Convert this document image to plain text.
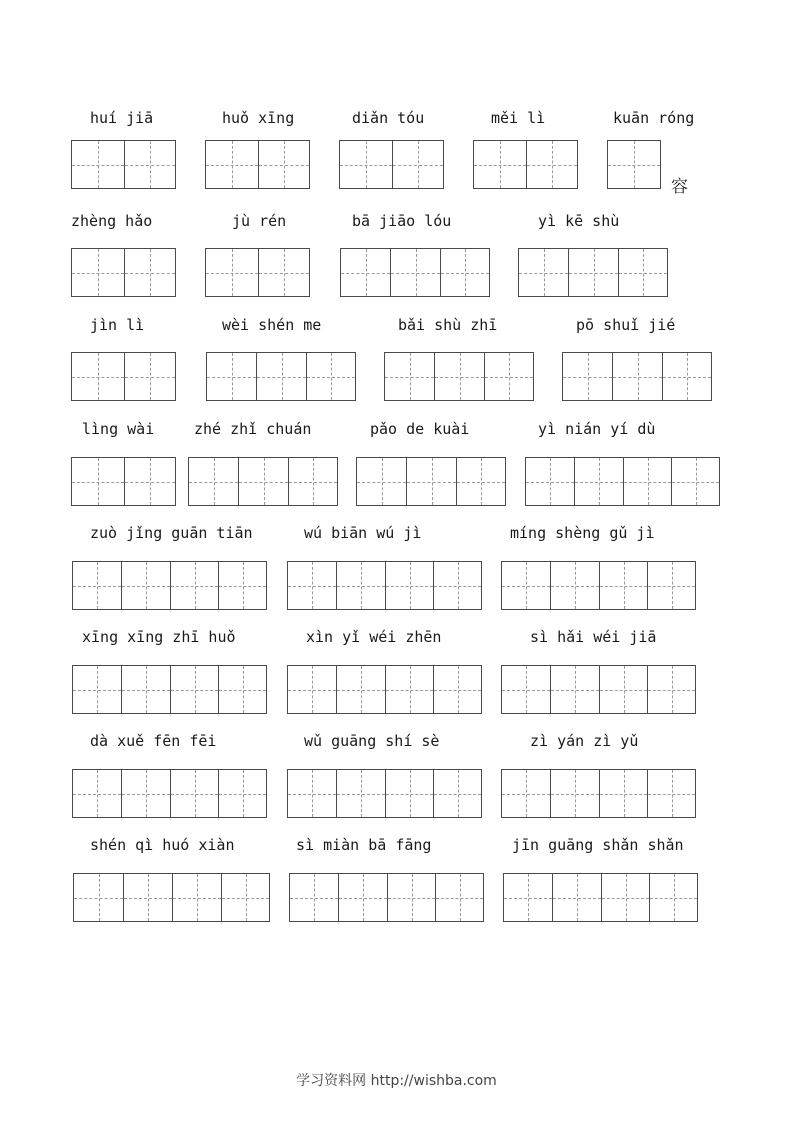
huí jiā	huǒ xīng	diǎn tóu	měi lì	kuān róng
容
zhèng hǎo	jù rén	bā jiāo lóu	yì kē shù
jìn lì	wèi shén me	bǎi shù zhī	pō shuǐ jié
lìng wài	zhé zhǐ chuán	pǎo de kuài	yì nián yí dù
zuò jǐng guān tiān	wú biān wú jì	míng shèng gǔ jì
xīng xīng zhī huǒ	xìn yǐ wéi zhēn	sì hǎi wéi jiā
dà xuě fēn fēi	wǔ guāng shí sè	zì yán zì yǔ
shén qì huó xiàn	sì miàn bā fāng	jīn guāng shǎn shǎn
学习资料网 http://wishba.com
